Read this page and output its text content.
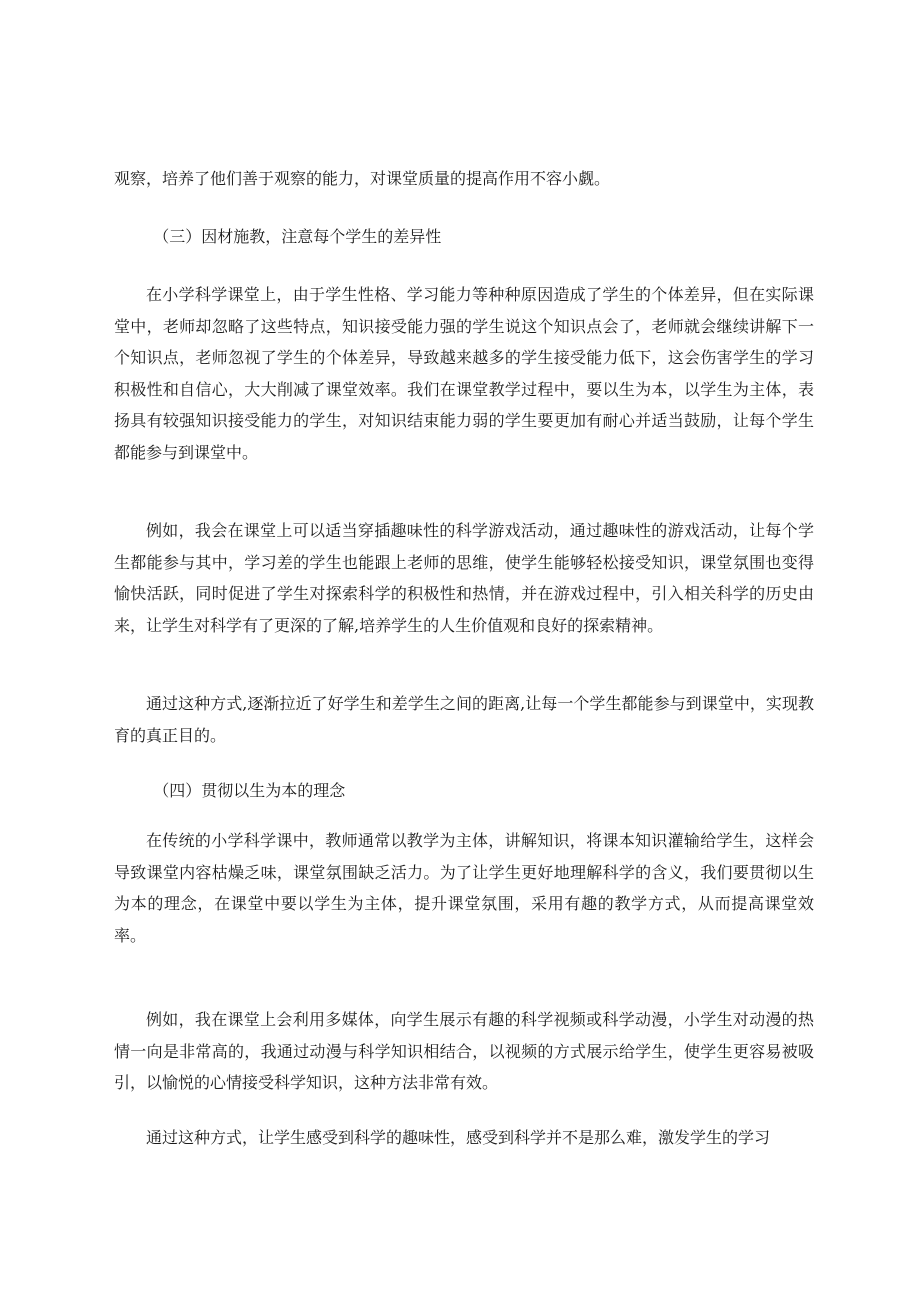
观察，培养了他们善于观察的能力，对课堂质量的提高作用不容小觑。

（三）因材施教，注意每个学生的差异性

在小学科学课堂上，由于学生性格、学习能力等种种原因造成了学生的个体差异，但在实际课堂中，老师却忽略了这些特点，知识接受能力强的学生说这个知识点会了，老师就会继续讲解下一个知识点，老师忽视了学生的个体差异，导致越来越多的学生接受能力低下，这会伤害学生的学习积极性和自信心，大大削减了课堂效率。我们在课堂教学过程中，要以生为本，以学生为主体，表扬具有较强知识接受能力的学生，对知识结束能力弱的学生要更加有耐心并适当鼓励，让每个学生都能参与到课堂中。

例如，我会在课堂上可以适当穿插趣味性的科学游戏活动，通过趣味性的游戏活动，让每个学生都能参与其中，学习差的学生也能跟上老师的思维，使学生能够轻松接受知识，课堂氛围也变得愉快活跃，同时促进了学生对探索科学的积极性和热情，并在游戏过程中，引入相关科学的历史由来，让学生对科学有了更深的了解,培养学生的人生价值观和良好的探索精神。

通过这种方式,逐渐拉近了好学生和差学生之间的距离,让每一个学生都能参与到课堂中，实现教育的真正目的。

（四）贯彻以生为本的理念

在传统的小学科学课中，教师通常以教学为主体，讲解知识，将课本知识灌输给学生，这样会导致课堂内容枯燥乏味，课堂氛围缺乏活力。为了让学生更好地理解科学的含义，我们要贯彻以生为本的理念，在课堂中要以学生为主体，提升课堂氛围，采用有趣的教学方式，从而提高课堂效率。

例如，我在课堂上会利用多媒体，向学生展示有趣的科学视频或科学动漫，小学生对动漫的热情一向是非常高的，我通过动漫与科学知识相结合，以视频的方式展示给学生，使学生更容易被吸引，以愉悦的心情接受科学知识，这种方法非常有效。

通过这种方式，让学生感受到科学的趣味性，感受到科学并不是那么难，激发学生的学习
